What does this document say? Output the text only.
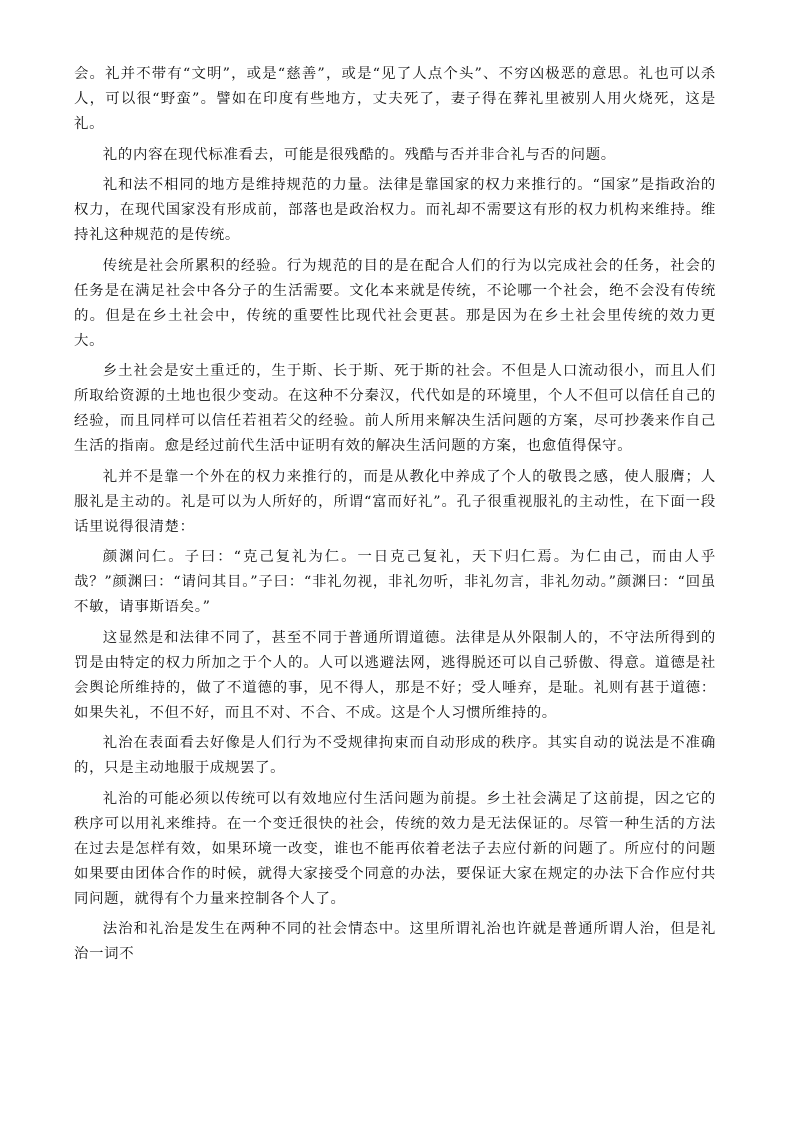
会。礼并不带有“文明”，或是“慈善”，或是“见了人点个头”、不穷凶极恶的意思。礼也可以杀人，可以很“野蛮”。譬如在印度有些地方，丈夫死了，妻子得在葬礼里被别人用火烧死，这是礼。

礼的内容在现代标准看去，可能是很残酷的。残酷与否并非合礼与否的问题。

礼和法不相同的地方是维持规范的力量。法律是靠国家的权力来推行的。“国家”是指政治的权力，在现代国家没有形成前，部落也是政治权力。而礼却不需要这有形的权力机构来维持。维持礼这种规范的是传统。

传统是社会所累积的经验。行为规范的目的是在配合人们的行为以完成社会的任务，社会的任务是在满足社会中各分子的生活需要。文化本来就是传统，不论哪一个社会，绝不会没有传统的。但是在乡土社会中，传统的重要性比现代社会更甚。那是因为在乡土社会里传统的效力更大。

乡土社会是安土重迁的，生于斯、长于斯、死于斯的社会。不但是人口流动很小，而且人们所取给资源的土地也很少变动。在这种不分秦汉，代代如是的环境里，个人不但可以信任自己的经验，而且同样可以信任若祖若父的经验。前人所用来解决生活问题的方案，尽可抄袭来作自己生活的指南。愈是经过前代生活中证明有效的解决生活问题的方案，也愈值得保守。

礼并不是靠一个外在的权力来推行的，而是从教化中养成了个人的敬畏之感，使人服膺；人服礼是主动的。礼是可以为人所好的，所谓“富而好礼”。孔子很重视服礼的主动性，在下面一段话里说得很清楚：

颜渊问仁。子曰：“克己复礼为仁。一日克己复礼，天下归仁焉。为仁由己，而由人乎哉？”颜渊曰：“请问其目。”子曰：“非礼勿视，非礼勿听，非礼勿言，非礼勿动。”颜渊曰：“回虽不敏，请事斯语矣。”

这显然是和法律不同了，甚至不同于普通所谓道德。法律是从外限制人的，不守法所得到的罚是由特定的权力所加之于个人的。人可以逃避法网，逃得脱还可以自己骄傲、得意。道德是社会舆论所维持的，做了不道德的事，见不得人，那是不好；受人唾弃，是耻。礼则有甚于道德：如果失礼，不但不好，而且不对、不合、不成。这是个人习惯所维持的。

礼治在表面看去好像是人们行为不受规律拘束而自动形成的秩序。其实自动的说法是不准确的，只是主动地服于成规罢了。

礼治的可能必须以传统可以有效地应付生活问题为前提。乡土社会满足了这前提，因之它的秩序可以用礼来维持。在一个变迁很快的社会，传统的效力是无法保证的。尽管一种生活的方法在过去是怎样有效，如果环境一改变，谁也不能再依着老法子去应付新的问题了。所应付的问题如果要由团体合作的时候，就得大家接受个同意的办法，要保证大家在规定的办法下合作应付共同问题，就得有个力量来控制各个人了。

法治和礼治是发生在两种不同的社会情态中。这里所谓礼治也许就是普通所谓人治，但是礼治一词不
